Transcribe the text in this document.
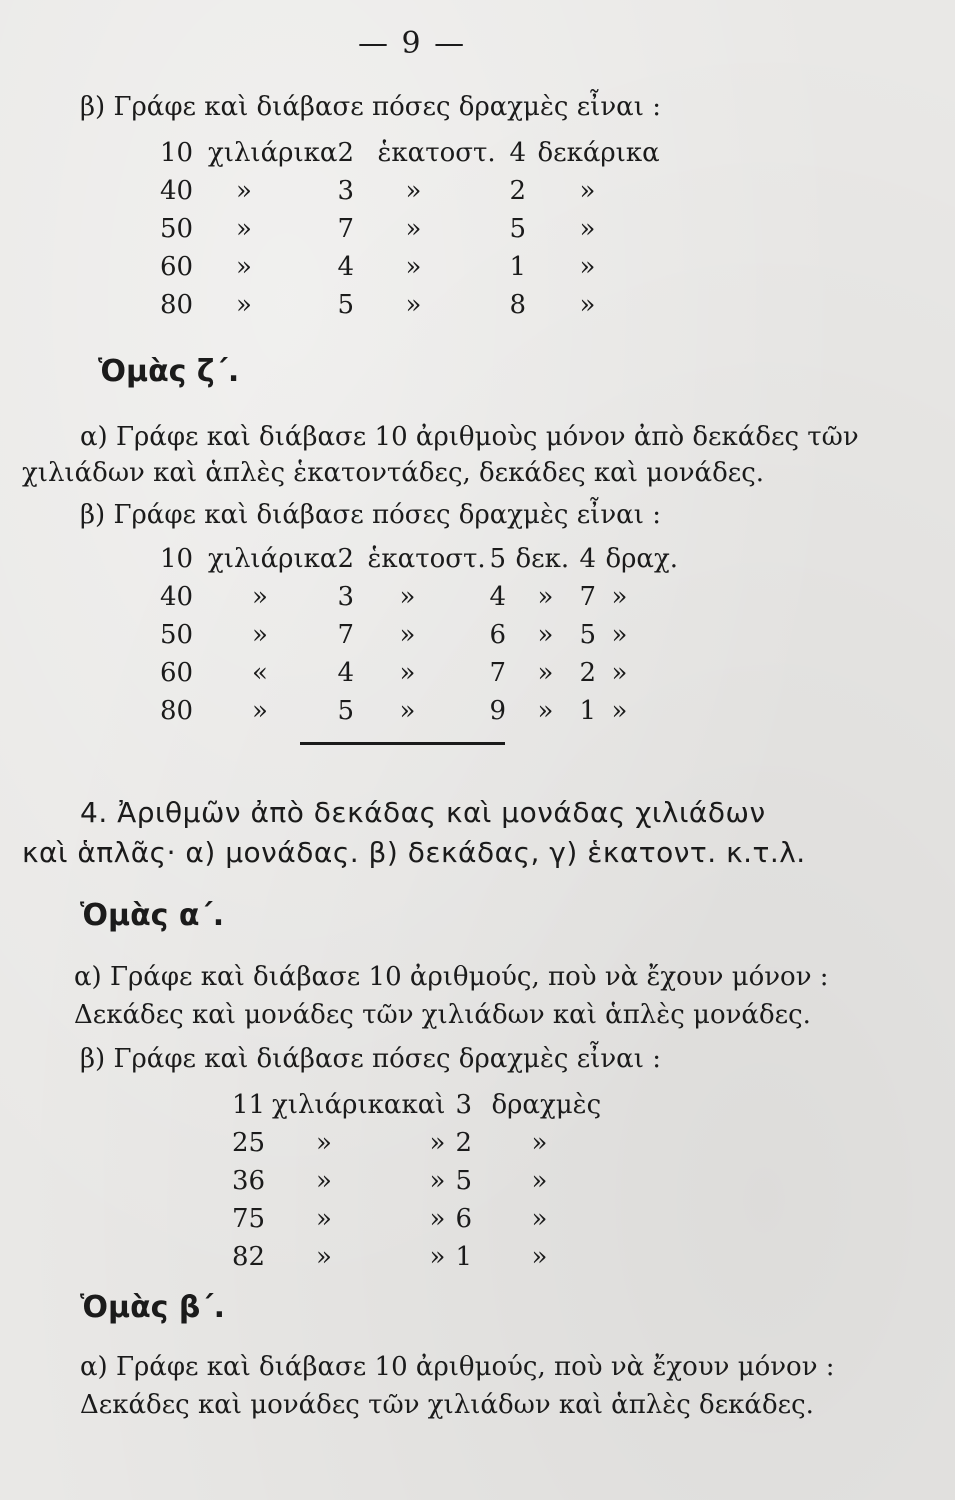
— 9 —
β) Γράφε καὶ διάβασε πόσες δραχμὲς εἶναι :
10	χιλιάρικα	2	ἑκατοστ.	4	δεκάρικα
40	»	3	»	2	»
50	»	7	»	5	»
60	»	4	»	1	»
80	»	5	»	8	»
Ὁμὰς ζ΄.
α) Γράφε καὶ διάβασε 10 ἀριθμοὺς μόνον ἀπὸ δεκάδες τῶν
χιλιάδων καὶ ἁπλὲς ἑκατοντάδες, δεκάδες καὶ μονάδες.
β) Γράφε καὶ διάβασε πόσες δραχμὲς εἶναι :
10	χιλιάρικα	2	ἑκατοστ.	5	δεκ.	4	δραχ.
40	»	3	»	4	»	7	»
50	»	7	»	6	»	5	»
60	«	4	»	7	»	2	»
80	»	5	»	9	»	1	»
4. Ἀριθμῶν ἀπὸ δεκάδας καὶ μονάδας χιλιάδων
καὶ ἁπλᾶς· α) μονάδας. β) δεκάδας, γ) ἑκατοντ. κ.τ.λ.
Ὁμὰς α΄.
α) Γράφε καὶ διάβασε 10 ἀριθμούς, ποὺ νὰ ἔχουν μόνον :
Δεκάδες καὶ μονάδες τῶν χιλιάδων καὶ ἁπλὲς μονάδες.
β) Γράφε καὶ διάβασε πόσες δραχμὲς εἶναι :
11	χιλιάρικα	καὶ	3	δραχμὲς
25	»	»	2	»
36	»	»	5	»
75	»	»	6	»
82	»	»	1	»
Ὁμὰς β΄.
α) Γράφε καὶ διάβασε 10 ἀριθμούς, ποὺ νὰ ἔχουν μόνον :
Δεκάδες καὶ μονάδες τῶν χιλιάδων καὶ ἁπλὲς δεκάδες.
